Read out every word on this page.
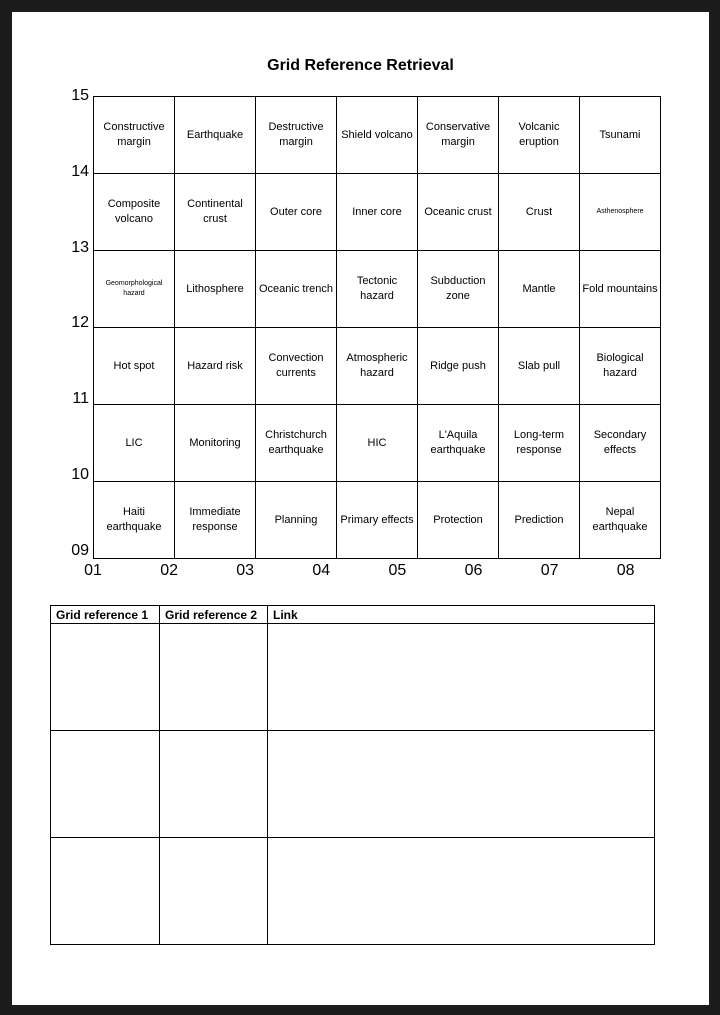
Grid Reference Retrieval
Constructive margin	Earthquake	Destructive margin	Shield volcano	Conservative margin	Volcanic eruption	Tsunami
Composite volcano	Continental crust	Outer core	Inner core	Oceanic crust	Crust	Asthenosphere
Geomorphological hazard	Lithosphere	Oceanic trench	Tectonic hazard	Subduction zone	Mantle	Fold mountains
Hot spot	Hazard risk	Convection currents	Atmospheric hazard	Ridge push	Slab pull	Biological hazard
LIC	Monitoring	Christchurch earthquake	HIC	L'Aquila earthquake	Long-term response	Secondary effects
Haiti earthquake	Immediate response	Planning	Primary effects	Protection	Prediction	Nepal earthquake
15
14
13
12
11
10
09
01	02	03	04	05	06	07	08
Grid reference 1	Grid reference 2	Link
